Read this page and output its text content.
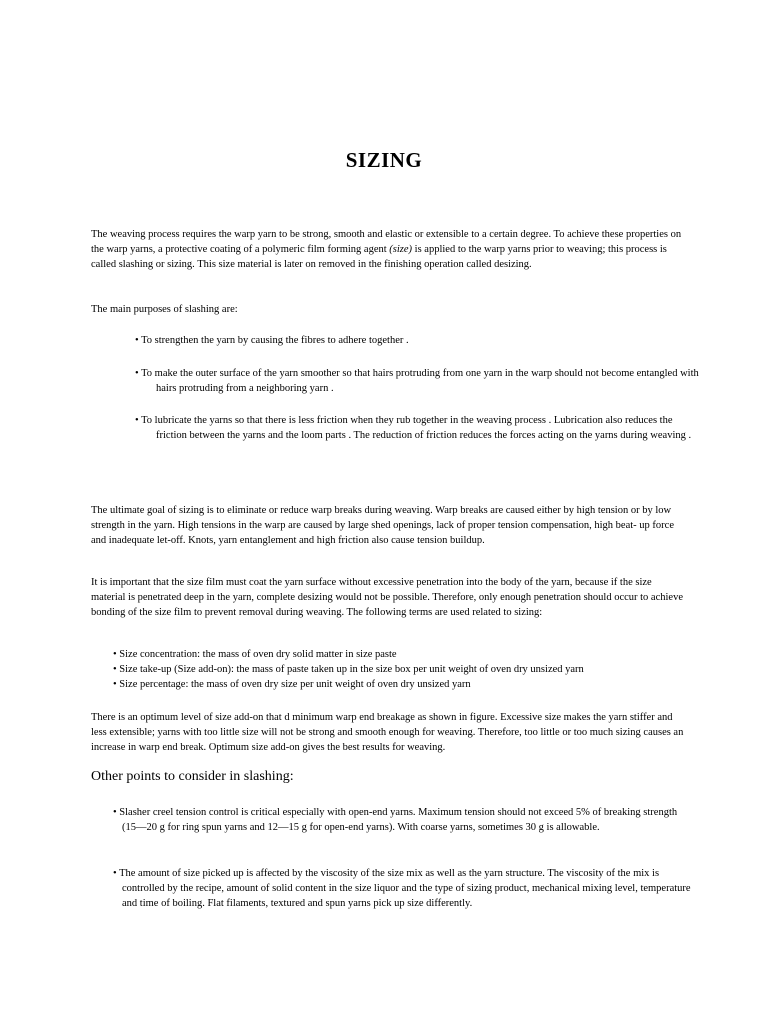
SIZING
The weaving process requires the warp yarn to be strong, smooth and elastic or extensible to a certain degree. To achieve these properties on the warp yarns, a protective coating of a polymeric film forming agent (size) is applied to the warp yarns prior to weaving; this process is called slashing or sizing. This size material is later on removed in the finishing operation called desizing.
The main purposes of slashing are:
• To strengthen the yarn by causing the fibres to adhere together .
• To make the outer surface of the yarn smoother so that hairs protruding from one yarn in the warp should not become entangled with hairs protruding from a neighboring yarn .
• To lubricate the yarns so that there is less friction when they rub together in the weaving process . Lubrication also reduces the friction between the yarns and the loom parts . The reduction of friction reduces the forces acting on the yarns during weaving .
The ultimate goal of sizing is to eliminate or reduce warp breaks during weaving. Warp breaks are caused either by high tension or by low strength in the yarn. High tensions in the warp are caused by large shed openings, lack of proper tension compensation, high beat- up force and inadequate let-off. Knots, yarn entanglement and high friction also cause tension buildup.
It is important that the size film must coat the yarn surface without excessive penetration into the body of the yarn, because if the size material is penetrated deep in the yarn, complete desizing would not be possible. Therefore, only enough penetration should occur to achieve bonding of the size film to prevent removal during weaving. The following terms are used related to sizing:
• Size concentration: the mass of oven dry solid matter in size paste
• Size take-up (Size add-on): the mass of paste taken up in the size box per unit weight of oven dry unsized yarn
• Size percentage: the mass of oven dry size per unit weight of oven dry unsized yarn
There is an optimum level of size add-on that d minimum warp end breakage as shown in figure. Excessive size makes the yarn stiffer and less extensible; yarns with too little size will not be strong and smooth enough for weaving. Therefore, too little or too much sizing causes an increase in warp end break. Optimum size add-on gives the best results for weaving.
Other points to consider in slashing:
• Slasher creel tension control is critical especially with open-end yarns. Maximum tension should not exceed 5% of breaking strength (15—20 g for ring spun yarns and 12—15 g for open-end yarns). With coarse yarns, sometimes 30 g is allowable.
• The amount of size picked up is affected by the viscosity of the size mix as well as the yarn structure. The viscosity of the mix is controlled by the recipe, amount of solid content in the size liquor and the type of sizing product, mechanical mixing level, temperature and time of boiling. Flat filaments, textured and spun yarns pick up size differently.
